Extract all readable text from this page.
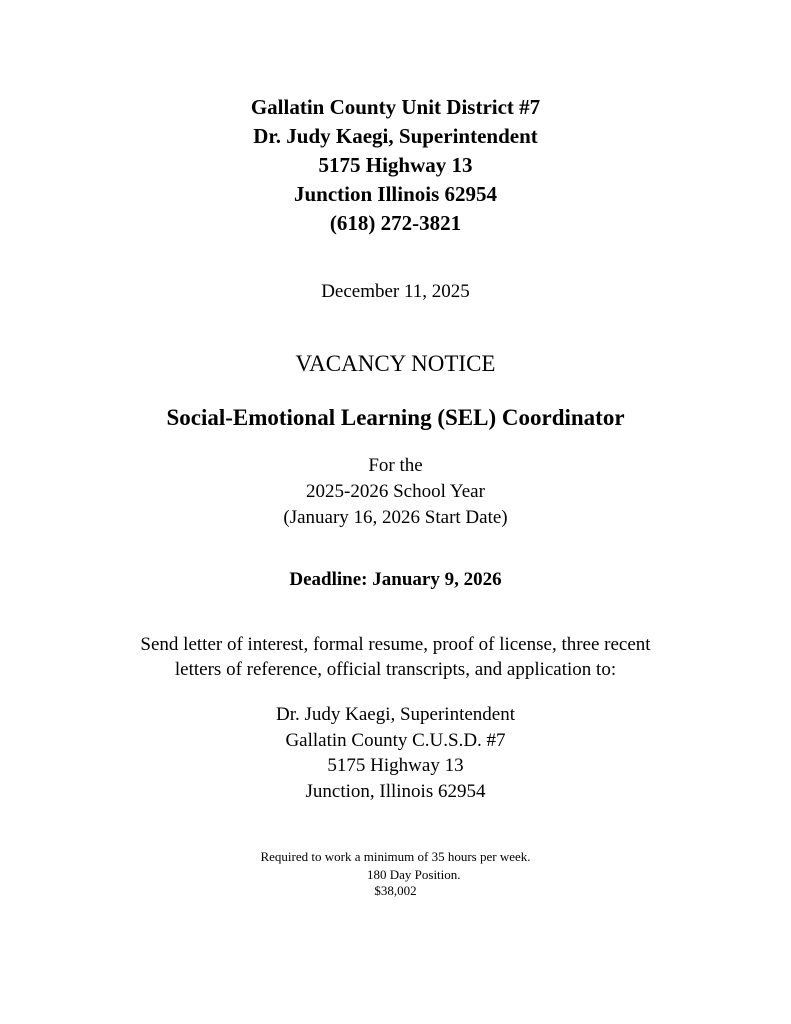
Gallatin County Unit District #7
Dr. Judy Kaegi, Superintendent
5175 Highway 13
Junction Illinois 62954
(618) 272-3821
December 11, 2025
VACANCY NOTICE
Social-Emotional Learning (SEL) Coordinator
For the
2025-2026 School Year
(January 16, 2026 Start Date)
Deadline: January 9, 2026
Send letter of interest, formal resume, proof of license, three recent
letters of reference, official transcripts, and application to:
Dr. Judy Kaegi, Superintendent
Gallatin County C.U.S.D. #7
5175 Highway 13
Junction, Illinois 62954
Required to work a minimum of 35 hours per week.
180 Day Position.
$38,002
